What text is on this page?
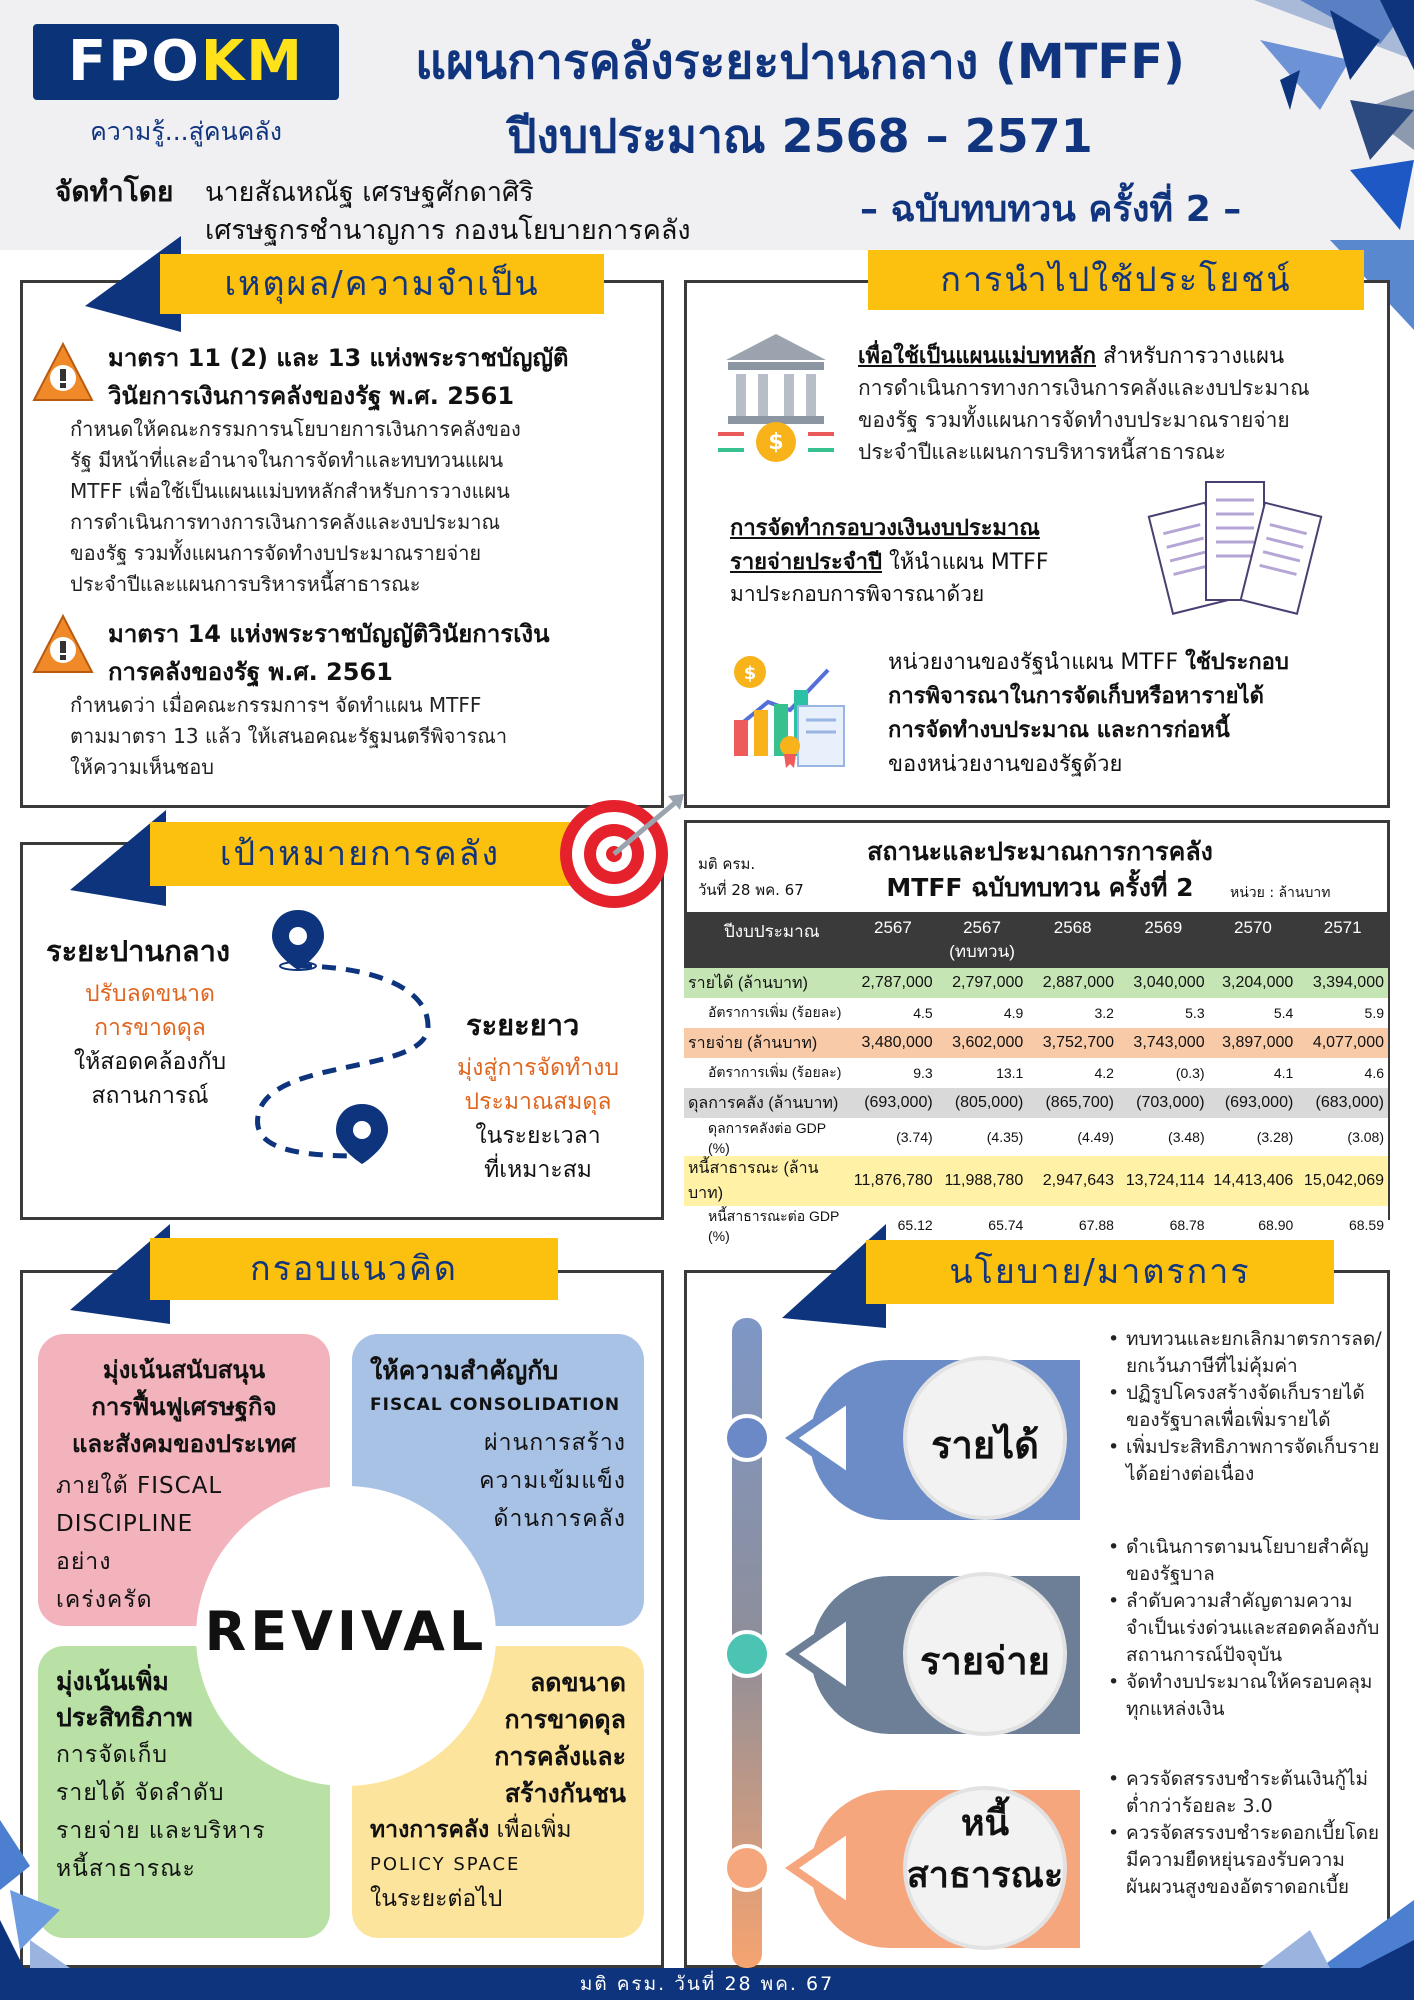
FPOKM
ความรู้...สู่คนคลัง
แผนการคลังระยะปานกลาง (MTFF)
ปีงบประมาณ 2568 – 2571
จัดทำโดย นายสัณหณัฐ เศรษฐศักดาศิริ
เศรษฐกรชำนาญการ กองนโยบายการคลัง
– ฉบับทบทวน ครั้งที่ 2 –
เหตุผล/ความจำเป็น
มาตรา 11 (2) และ 13 แห่งพระราชบัญญัติ
วินัยการเงินการคลังของรัฐ พ.ศ. 2561
กำหนดให้คณะกรรมการนโยบายการเงินการคลังของ
รัฐ มีหน้าที่และอำนาจในการจัดทำและทบทวนแผน
MTFF เพื่อใช้เป็นแผนแม่บทหลักสำหรับการวางแผน
การดำเนินการทางการเงินการคลังและงบประมาณ
ของรัฐ รวมทั้งแผนการจัดทำงบประมาณรายจ่าย
ประจำปีและแผนการบริหารหนี้สาธารณะ
มาตรา 14 แห่งพระราชบัญญัติวินัยการเงิน
การคลังของรัฐ พ.ศ. 2561
กำหนดว่า เมื่อคณะกรรมการฯ จัดทำแผน MTFF
ตามมาตรา 13 แล้ว ให้เสนอคณะรัฐมนตรีพิจารณา
ให้ความเห็นชอบ
การนำไปใช้ประโยชน์
$
เพื่อใช้เป็นแผนแม่บทหลัก สำหรับการวางแผน
การดำเนินการทางการเงินการคลังและงบประมาณ
ของรัฐ รวมทั้งแผนการจัดทำงบประมาณรายจ่าย
ประจำปีและแผนการบริหารหนี้สาธารณะ
การจัดทำกรอบวงเงินงบประมาณ
รายจ่ายประจำปี ให้นำแผน MTFF
มาประกอบการพิจารณาด้วย
$	หน่วยงานของรัฐนำแผน MTFF ใช้ประกอบ
การพิจารณาในการจัดเก็บหรือหารายได้
การจัดทำงบประมาณ และการก่อหนี้
ของหน่วยงานของรัฐด้วย
เป้าหมายการคลัง
ระยะปานกลาง
ปรับลดขนาด
การขาดดุล
ให้สอดคล้องกับ
สถานการณ์
ระยะยาว
มุ่งสู่การจัดทำงบ
ประมาณสมดุล
ในระยะเวลา
ที่เหมาะสม
มติ ครม.
วันที่ 28 พค. 67
สถานะและประมาณการการคลัง
MTFF ฉบับทบทวน ครั้งที่ 2	หน่วย : ล้านบาท
ปีงบประมาณ	2567	2567 (ทบทวน)	2568	2569	2570	2571
รายได้ (ล้านบาท)	2,787,000	2,797,000	2,887,000	3,040,000	3,204,000	3,394,000
อัตราการเพิ่ม (ร้อยละ)	4.5	4.9	3.2	5.3	5.4	5.9
รายจ่าย (ล้านบาท)	3,480,000	3,602,000	3,752,700	3,743,000	3,897,000	4,077,000
อัตราการเพิ่ม (ร้อยละ)	9.3	13.1	4.2	(0.3)	4.1	4.6
ดุลการคลัง (ล้านบาท)	(693,000)	(805,000)	(865,700)	(703,000)	(693,000)	(683,000)
ดุลการคลังต่อ GDP (%)	(3.74)	(4.35)	(4.49)	(3.48)	(3.28)	(3.08)
หนี้สาธารณะ (ล้านบาท)	11,876,780	11,988,780	2,947,643	13,724,114	14,413,406	15,042,069
หนี้สาธารณะต่อ GDP (%)	65.12	65.74	67.88	68.78	68.90	68.59
กรอบแนวคิด
มุ่งเน้นสนับสนุน
การฟื้นฟูเศรษฐกิจ
และสังคมของประเทศ
ภายใต้ FISCAL
DISCIPLINE
อย่าง
เคร่งครัด
ให้ความสำคัญกับ
FISCAL CONSOLIDATION
ผ่านการสร้าง
ความเข้มแข็ง
ด้านการคลัง
มุ่งเน้นเพิ่ม
ประสิทธิภาพ
การจัดเก็บ
รายได้ จัดลำดับ
รายจ่าย และบริหาร
หนี้สาธารณะ
ลดขนาด
การขาดดุล
การคลังและ
สร้างกันชน
ทางการคลัง เพื่อเพิ่ม
POLICY SPACE
ในระยะต่อไป
REVIVAL
นโยบาย/มาตรการ
รายได้
รายจ่าย
หนี้
สาธารณะ
• ทบทวนและยกเลิกมาตรการลด/ยกเว้นภาษีที่ไม่คุ้มค่า
• ปฏิรูปโครงสร้างจัดเก็บรายได้ของรัฐบาลเพื่อเพิ่มรายได้
• เพิ่มประสิทธิภาพการจัดเก็บรายได้อย่างต่อเนื่อง
• ดำเนินการตามนโยบายสำคัญของรัฐบาล
• ลำดับความสำคัญตามความจำเป็นเร่งด่วนและสอดคล้องกับสถานการณ์ปัจจุบัน
• จัดทำงบประมาณให้ครอบคลุมทุกแหล่งเงิน
• ควรจัดสรรงบชำระต้นเงินกู้ไม่ต่ำกว่าร้อยละ 3.0
• ควรจัดสรรงบชำระดอกเบี้ยโดยมีความยืดหยุ่นรองรับความผันผวนสูงของอัตราดอกเบี้ย
มติ ครม. วันที่ 28 พค. 67
